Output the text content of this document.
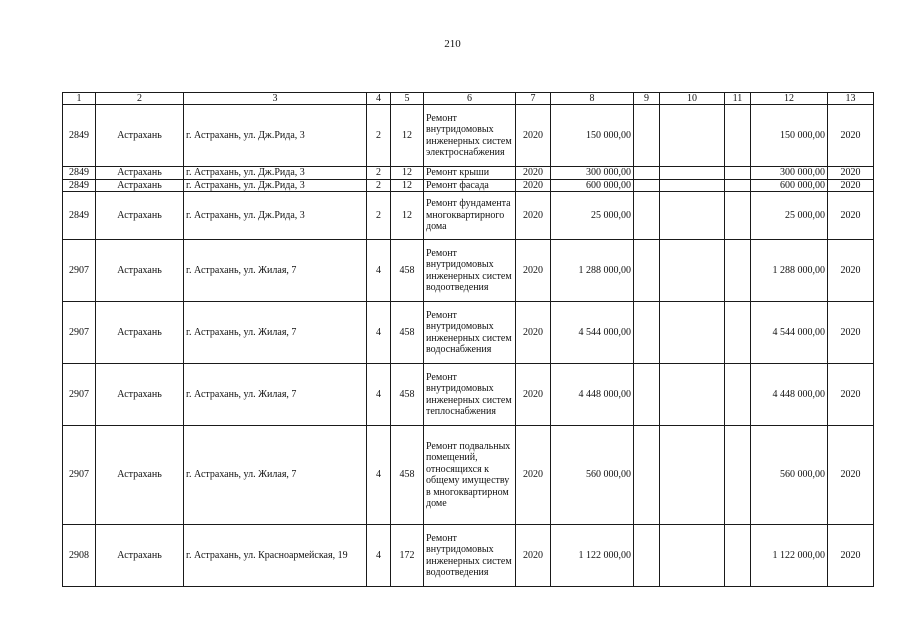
210
1	2	3	4	5	6	7	8	9	10	11	12	13
2849	Астрахань	г. Астрахань, ул. Дж.Рида, 3	2	12	Ремонт внутридомовых инженерных систем электроснабжения	2020	150 000,00				150 000,00	2020
2849	Астрахань	г. Астрахань, ул. Дж.Рида, 3	2	12	Ремонт крыши	2020	300 000,00				300 000,00	2020
2849	Астрахань	г. Астрахань, ул. Дж.Рида, 3	2	12	Ремонт фасада	2020	600 000,00				600 000,00	2020
2849	Астрахань	г. Астрахань, ул. Дж.Рида, 3	2	12	Ремонт фундамента многоквартирного дома	2020	25 000,00				25 000,00	2020
2907	Астрахань	г. Астрахань, ул. Жилая, 7	4	458	Ремонт внутридомовых инженерных систем водоотведения	2020	1 288 000,00				1 288 000,00	2020
2907	Астрахань	г. Астрахань, ул. Жилая, 7	4	458	Ремонт внутридомовых инженерных систем водоснабжения	2020	4 544 000,00				4 544 000,00	2020
2907	Астрахань	г. Астрахань, ул. Жилая, 7	4	458	Ремонт внутридомовых инженерных систем теплоснабжения	2020	4 448 000,00				4 448 000,00	2020
2907	Астрахань	г. Астрахань, ул. Жилая, 7	4	458	Ремонт подвальных помещений, относящихся к общему имуществу в многоквартирном доме	2020	560 000,00				560 000,00	2020
2908	Астрахань	г. Астрахань, ул. Красноармейская, 19	4	172	Ремонт внутридомовых инженерных систем водоотведения	2020	1 122 000,00				1 122 000,00	2020
